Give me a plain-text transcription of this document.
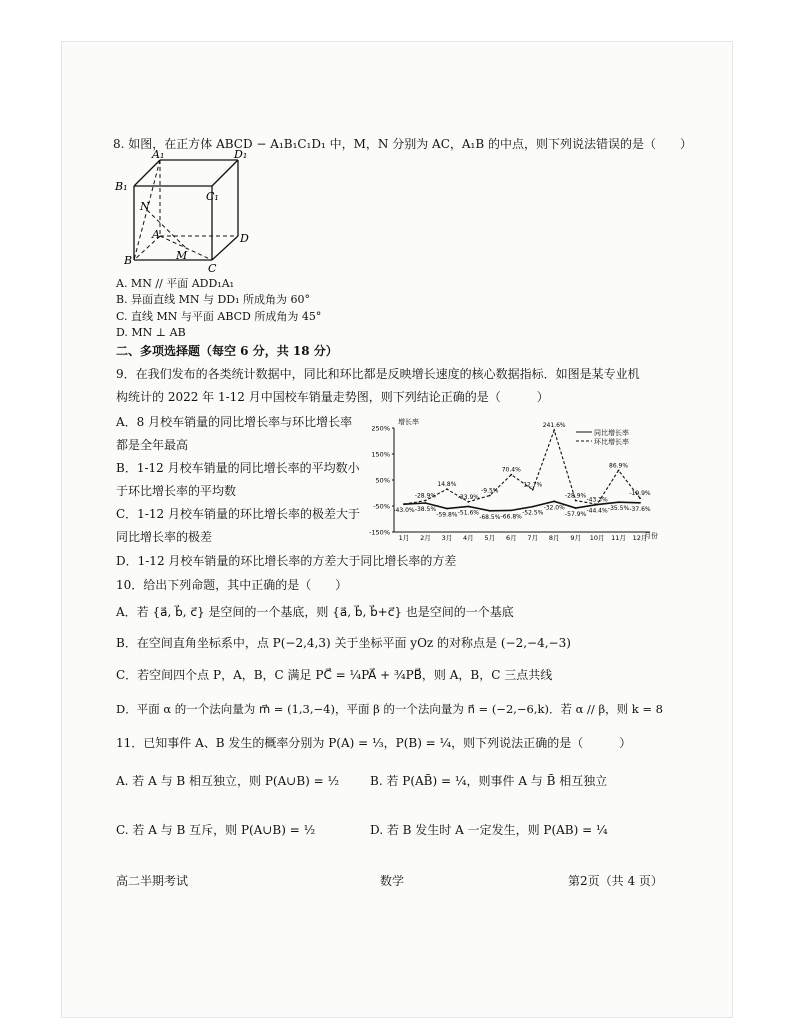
8. 如图，在正方体 ABCD − A₁B₁C₁D₁ 中，M，N 分别为 AC，A₁B 的中点，则下列说法错误的是（　　）
A₁	D₁
B₁
C₁
N
A	D
B	M
C
A. MN // 平面 ADD₁A₁
B. 异面直线 MN 与 DD₁ 所成角为 60°
C. 直线 MN 与平面 ABCD 所成角为 45°
D. MN ⊥ AB
二、多项选择题（每空 6 分，共 18 分）
9．在我们发布的各类统计数据中，同比和环比都是反映增长速度的核心数据指标．如图是某专业机
构统计的 2022 年 1-12 月中国校车销量走势图，则下列结论正确的是（　　　）
A．8 月校车销量的同比增长率与环比增长率
都是全年最高
B．1-12 月校车销量的同比增长率的平均数小
于环比增长率的平均数
C．1-12 月校车销量的环比增长率的极差大于
同比增长率的极差
D．1-12 月校车销量的环比增长率的方差大于同比增长率的方差
增长率
月份
同比增长率
环比增长率
250%
150%
50%
-50%
-150%
1月 2月 3月 4月 5月 6月 7月 8月 9月 10月 11月 12月
-43.0% -38.5%
-59.8% -51.6%
-68.5% -66.8%
-52.5%
-32.0%
-57.9%
-44.4% -35.5% -37.6%
-28.9%
14.8%
-33.9%
-9.5%
70.4%
12.7%
241.6%
-28.9%
-43.3%
86.9%
-19.9%
10．给出下列命题，其中正确的是（　　）
A．若 {a⃗, b⃗, c⃗} 是空间的一个基底，则 {a⃗, b⃗, b⃗+c⃗} 也是空间的一个基底
B．在空间直角坐标系中，点 P(−2,4,3) 关于坐标平面 yOz 的对称点是 (−2,−4,−3)
C．若空间四个点 P，A，B，C 满足 PC⃗ = ¼PA⃗ + ¾PB⃗，则 A，B，C 三点共线
D．平面 α 的一个法向量为 m⃗ = (1,3,−4)，平面 β 的一个法向量为 n⃗ = (−2,−6,k)．若 α // β，则 k = 8
11．已知事件 A、B 发生的概率分别为 P(A) = ⅓，P(B) = ¼，则下列说法正确的是（　　　）
A. 若 A 与 B 相互独立，则 P(A∪B) = ½	B. 若 P(AB̄) = ¼，则事件 A 与 B̄ 相互独立
C. 若 A 与 B 互斥，则 P(A∪B) = ½	D. 若 B 发生时 A 一定发生，则 P(AB) = ¼
高二半期考试	数学	第2页（共 4 页）
